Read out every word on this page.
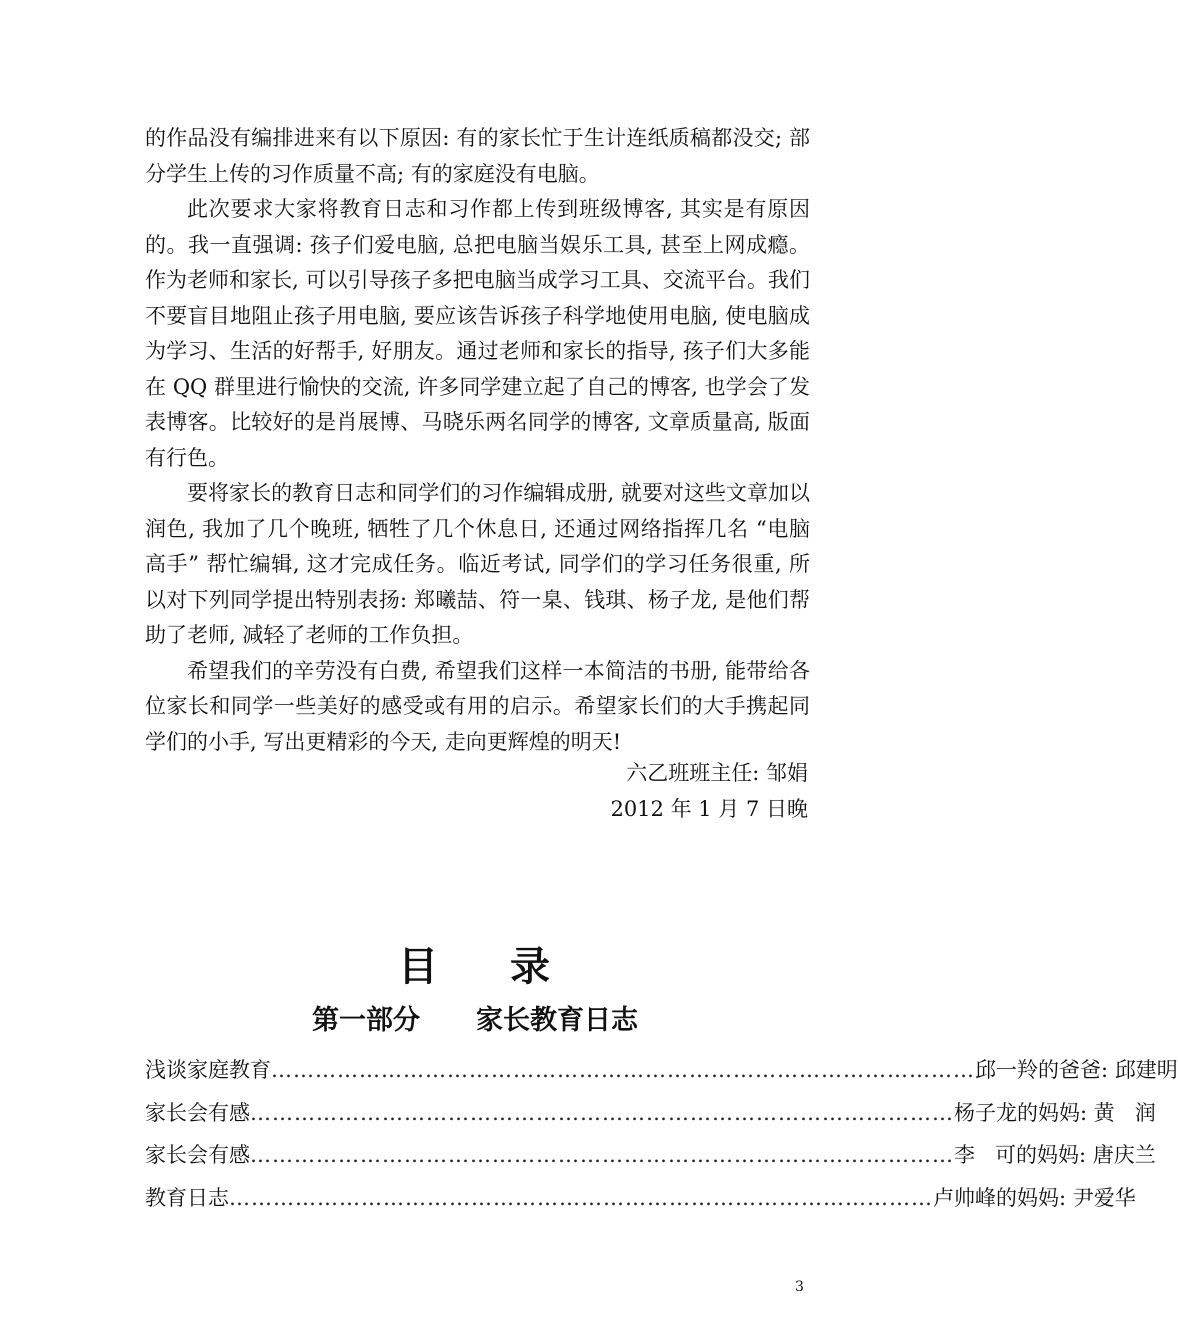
的作品没有编排进来有以下原因: 有的家长忙于生计连纸质稿都没交; 部分学生上传的习作质量不高; 有的家庭没有电脑。

此次要求大家将教育日志和习作都上传到班级博客, 其实是有原因的。我一直强调: 孩子们爱电脑, 总把电脑当娱乐工具, 甚至上网成瘾。作为老师和家长, 可以引导孩子多把电脑当成学习工具、交流平台。我们不要盲目地阻止孩子用电脑, 要应该告诉孩子科学地使用电脑, 使电脑成为学习、生活的好帮手, 好朋友。通过老师和家长的指导, 孩子们大多能在 QQ 群里进行愉快的交流, 许多同学建立起了自己的博客, 也学会了发表博客。比较好的是肖展博、马晓乐两名同学的博客, 文章质量高, 版面有行色。

要将家长的教育日志和同学们的习作编辑成册, 就要对这些文章加以润色, 我加了几个晚班, 牺牲了几个休息日, 还通过网络指挥几名 “电脑高手” 帮忙编辑, 这才完成任务。临近考试, 同学们的学习任务很重, 所以对下列同学提出特别表扬: 郑曦喆、符一臬、钱琪、杨子龙, 是他们帮助了老师, 减轻了老师的工作负担。

希望我们的辛劳没有白费, 希望我们这样一本简洁的书册, 能带给各位家长和同学一些美好的感受或有用的启示。希望家长们的大手携起同学们的小手, 写出更精彩的今天, 走向更辉煌的明天!

六乙班班主任: 邹娟
2012 年 1 月 7 日晚
目 录
第一部分 家长教育日志
浅谈家庭教育 …………………………………………………………………………………… 邱一羚的爸爸: 邱建明
家长会有感 …………………………………………………………………………………… 杨子龙的妈妈: 黄   润
家长会有感 …………………………………………………………………………………… 李   可的妈妈: 唐庆兰
教育日志 …………………………………………………………………………………… 卢帅峰的妈妈: 尹爱华
3
